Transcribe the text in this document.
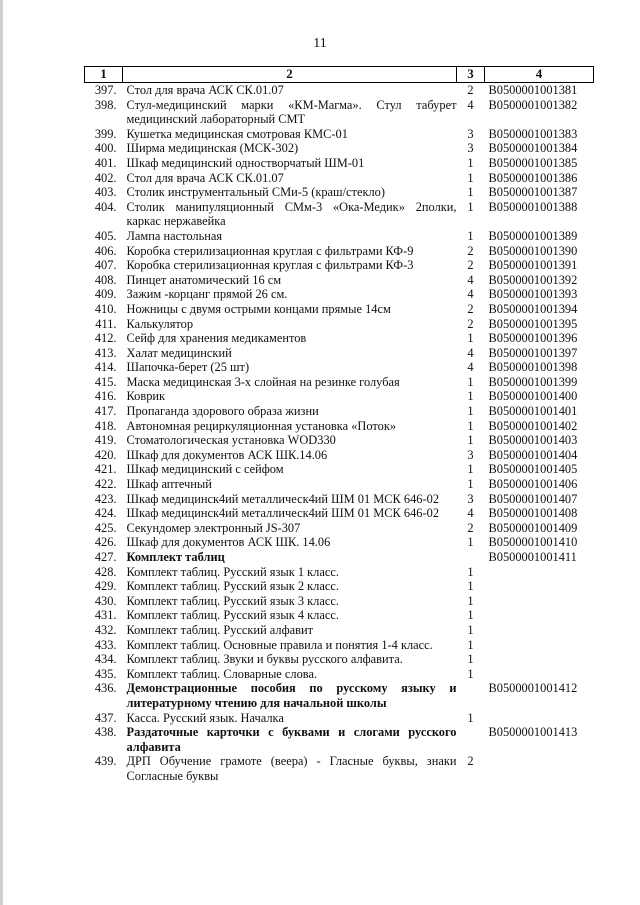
11
1	2	3	4
397.	Стол для врача АСК СК.01.07	2	B0500001001381
398.	Стул-медицинский марки «КМ-Магма». Стул табурет медицинский лабораторный СМТ	4	B0500001001382
399.	Кушетка медицинская смотровая КМС-01	3	B0500001001383
400.	Ширма медицинская (МСК-302)	3	B0500001001384
401.	Шкаф медицинский одностворчатый ШМ-01	1	B0500001001385
402.	Стол для врача АСК СК.01.07	1	B0500001001386
403.	Столик инструментальный СМи-5 (краш/стекло)	1	B0500001001387
404.	Столик манипуляционный СМм-3 «Ока-Медик» 2полки, каркас нержавейка	1	B0500001001388
405.	Лампа настольная	1	B0500001001389
406.	Коробка стерилизационная круглая с фильтрами КФ-9	2	B0500001001390
407.	Коробка стерилизационная круглая с фильтрами КФ-3	2	B0500001001391
408.	Пинцет анатомический 16 см	4	B0500001001392
409.	Зажим -корцанг прямой 26 см.	4	B0500001001393
410.	Ножницы с двумя острыми концами прямые 14см	2	B0500001001394
411.	Калькулятор	2	B0500001001395
412.	Сейф для хранения медикаментов	1	B0500001001396
413.	Халат медицинский	4	B0500001001397
414.	Шапочка-берет (25 шт)	4	B0500001001398
415.	Маска медицинская 3-х слойная на резинке голубая	1	B0500001001399
416.	Коврик	1	B0500001001400
417.	Пропаганда здорового образа жизни	1	B0500001001401
418.	Автономная рециркуляционная установка «Поток»	1	B0500001001402
419.	Стоматологическая установка WOD330	1	B0500001001403
420.	Шкаф для документов АСК ШК.14.06	3	B0500001001404
421.	Шкаф медицинский с сейфом	1	B0500001001405
422.	Шкаф аптечный	1	B0500001001406
423.	Шкаф медицинск4ий металлическ4ий ШМ 01 МСК 646-02	3	B0500001001407
424.	Шкаф медицинск4ий металлическ4ий ШМ 01 МСК 646-02	4	B0500001001408
425.	Секундомер электронный JS-307	2	B0500001001409
426.	Шкаф для документов АСК ШК. 14.06	1	B0500001001410
427.	Комплект таблиц		B0500001001411
428.	Комплект таблиц. Русский язык 1 класс.	1	
429.	Комплект таблиц. Русский язык 2 класс.	1	
430.	Комплект таблиц. Русский язык 3 класс.	1	
431.	Комплект таблиц. Русский язык 4 класс.	1	
432.	Комплект таблиц. Русский алфавит	1	
433.	Комплект таблиц. Основные правила и понятия 1-4 класс.	1	
434.	Комплект таблиц. Звуки и буквы русского алфавита.	1	
435.	Комплект таблиц. Словарные слова.	1	
436.	Демонстрационные пособия по русскому языку и литературному чтению для начальной школы		B0500001001412
437.	Касса. Русский язык. Началка	1	
438.	Раздаточные карточки с буквами и слогами русского алфавита		B0500001001413
439.	ДРП Обучение грамоте (веера) - Гласные буквы, знаки Согласные буквы	2	
